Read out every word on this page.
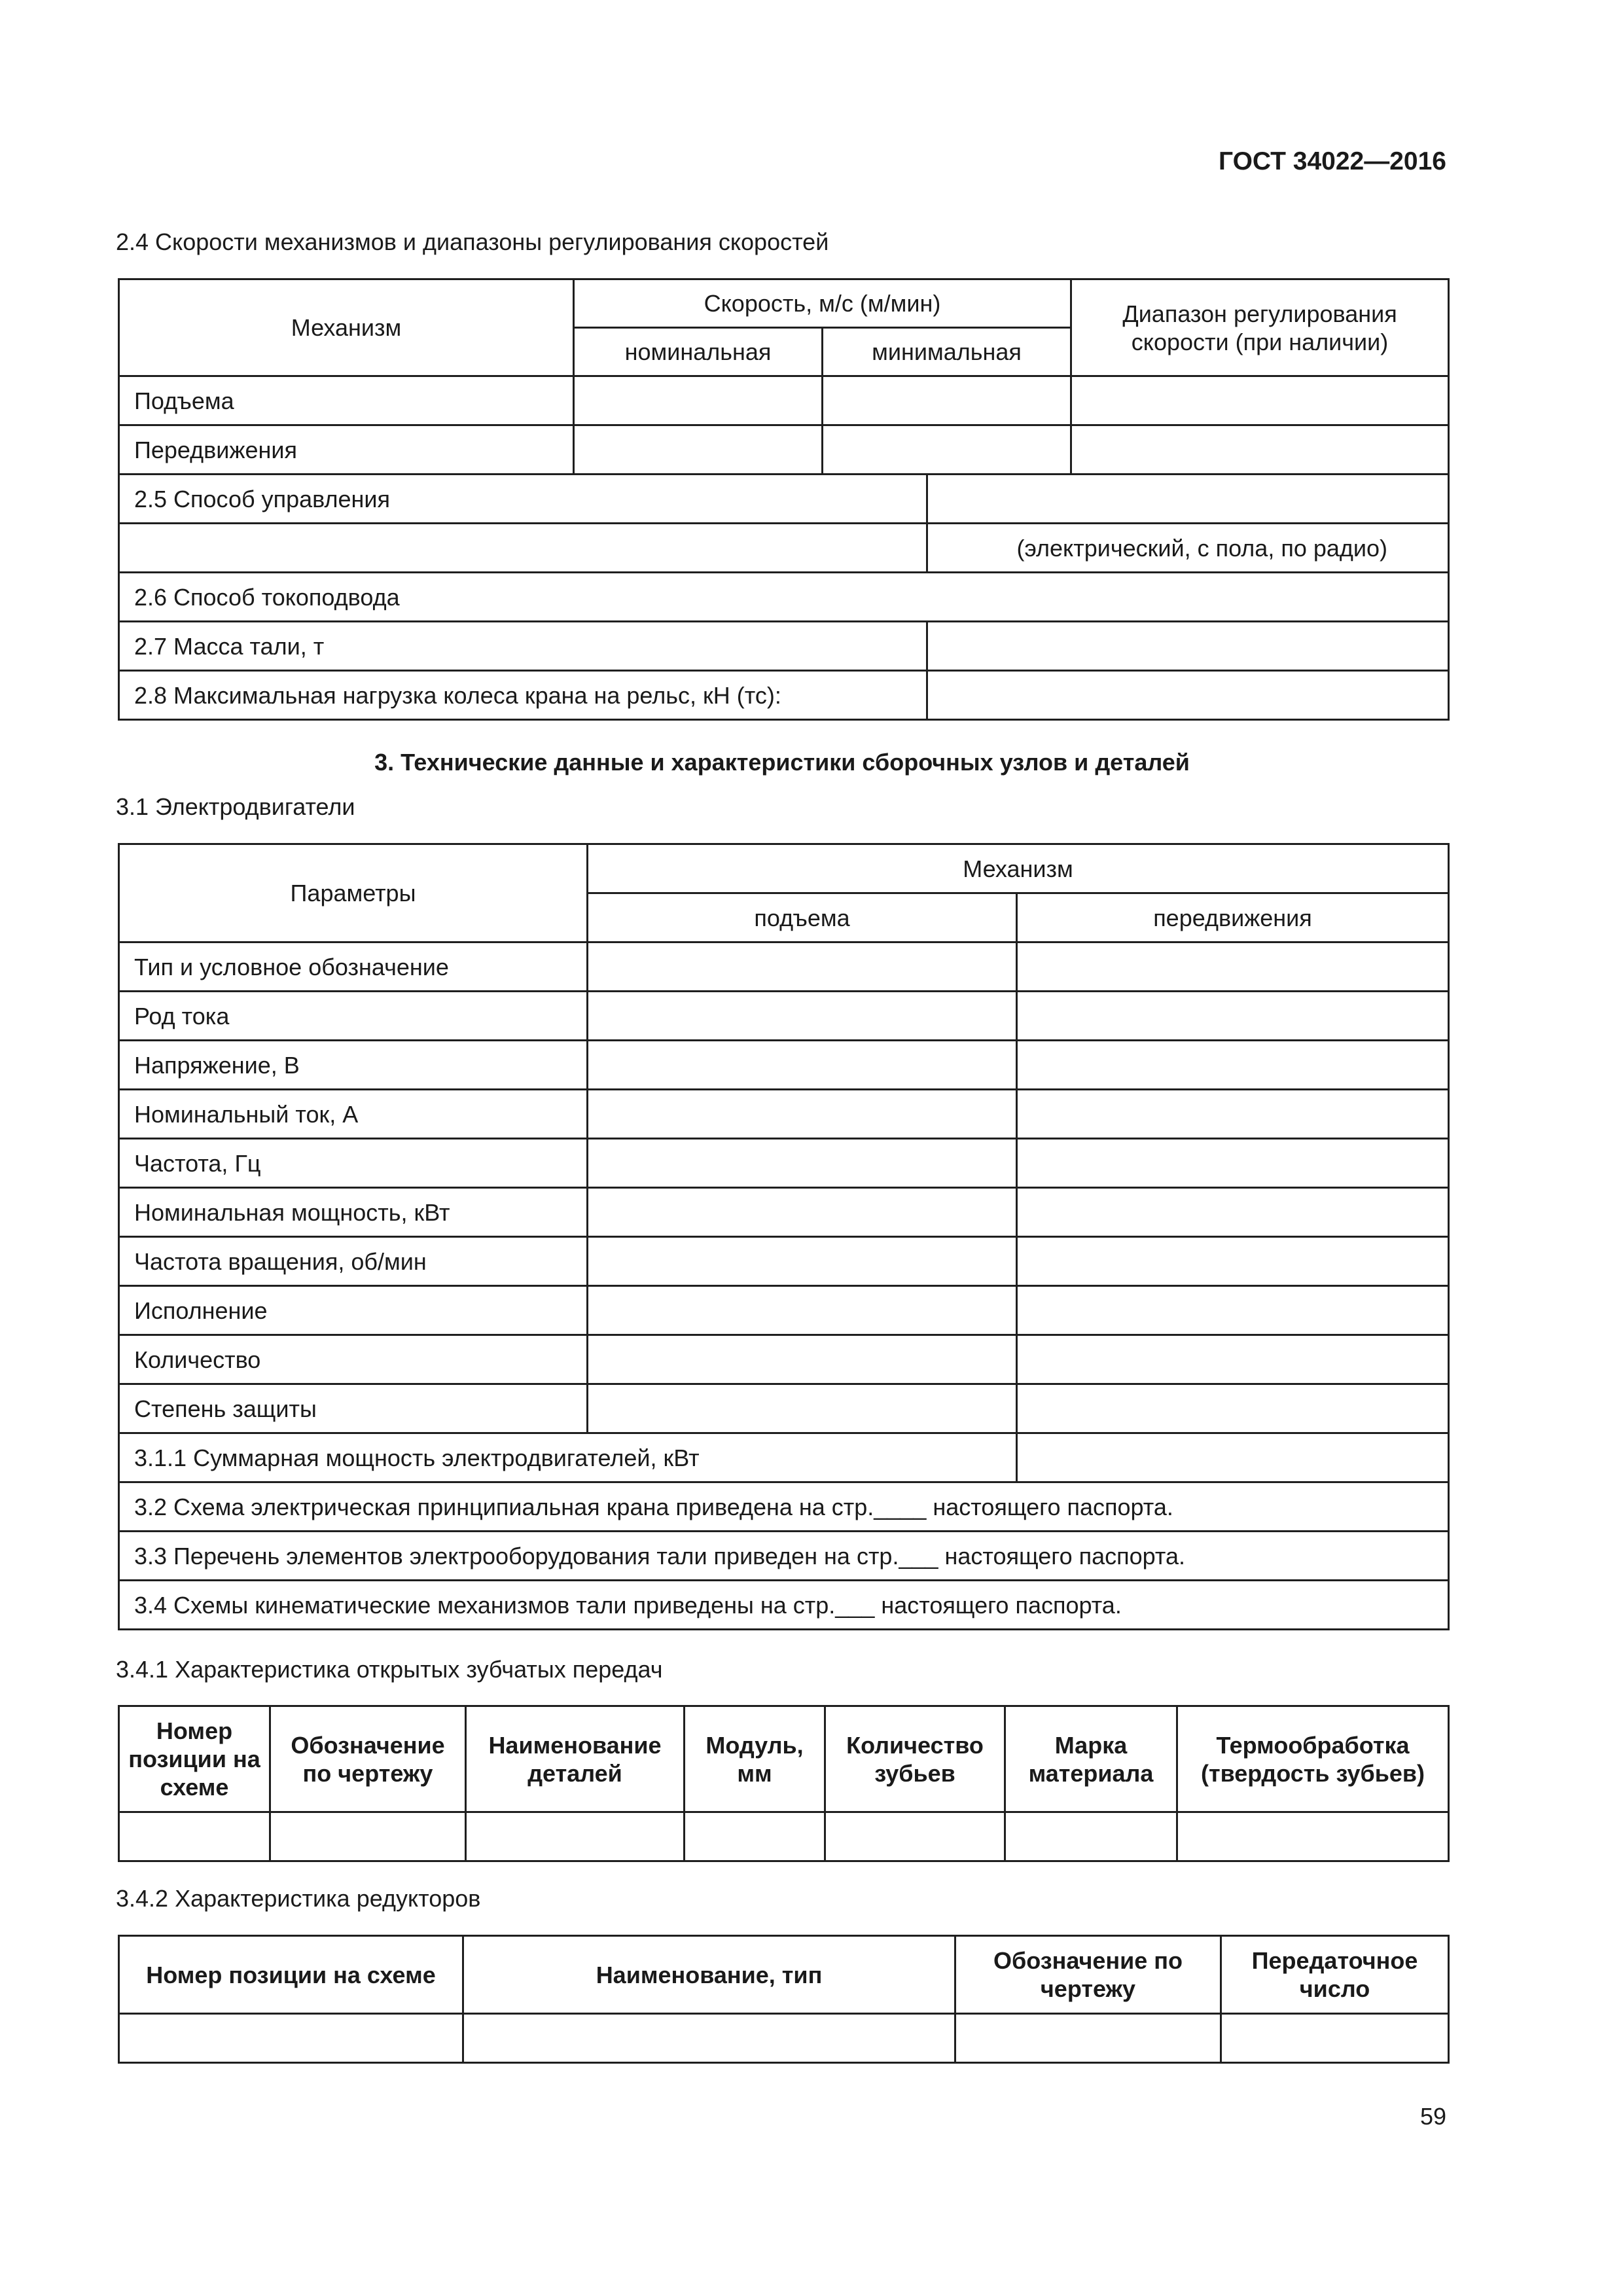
ГОСТ 34022—2016
2.4 Скорости механизмов и диапазоны регулирования скоростей
Механизм	Скорость, м/с (м/мин)			Диапазон регулирования скорости (при наличии)
	номинальная	минимальная		
Подъема				
Передвижения				
2.5 Способ управления				
			(электрический, с пола, по радио)	
2.6 Способ токоподвода				
2.7 Масса тали, т				
2.8 Максимальная нагрузка колеса крана на рельс, кН (тс):				
3. Технические данные и характеристики сборочных узлов и деталей
3.1 Электродвигатели
Параметры	Механизм	
	подъема	передвижения
Тип и условное обозначение		
Род тока		
Напряжение, В		
Номинальный ток, А		
Частота, Гц		
Номинальная мощность, кВт		
Частота вращения, об/мин		
Исполнение		
Количество		
Степень защиты		
3.1.1 Суммарная мощность электродвигателей, кВт		
3.2 Схема электрическая принципиальная крана приведена на стр.____ настоящего паспорта.		
3.3 Перечень элементов электрооборудования тали приведен на стр.___ настоящего паспорта.		
3.4 Схемы кинематические механизмов тали приведены на стр.___ настоящего паспорта.		
3.4.1 Характеристика открытых зубчатых передач
Номер позиции на схеме	Обозначение по чертежу	Наименование деталей	Модуль, мм	Количество зубьев	Марка материала	Термообработка (твердость зубьев)

3.4.2 Характеристика редукторов
Номер позиции на схеме	Наименование, тип	Обозначение по чертежу	Передаточное число

59
